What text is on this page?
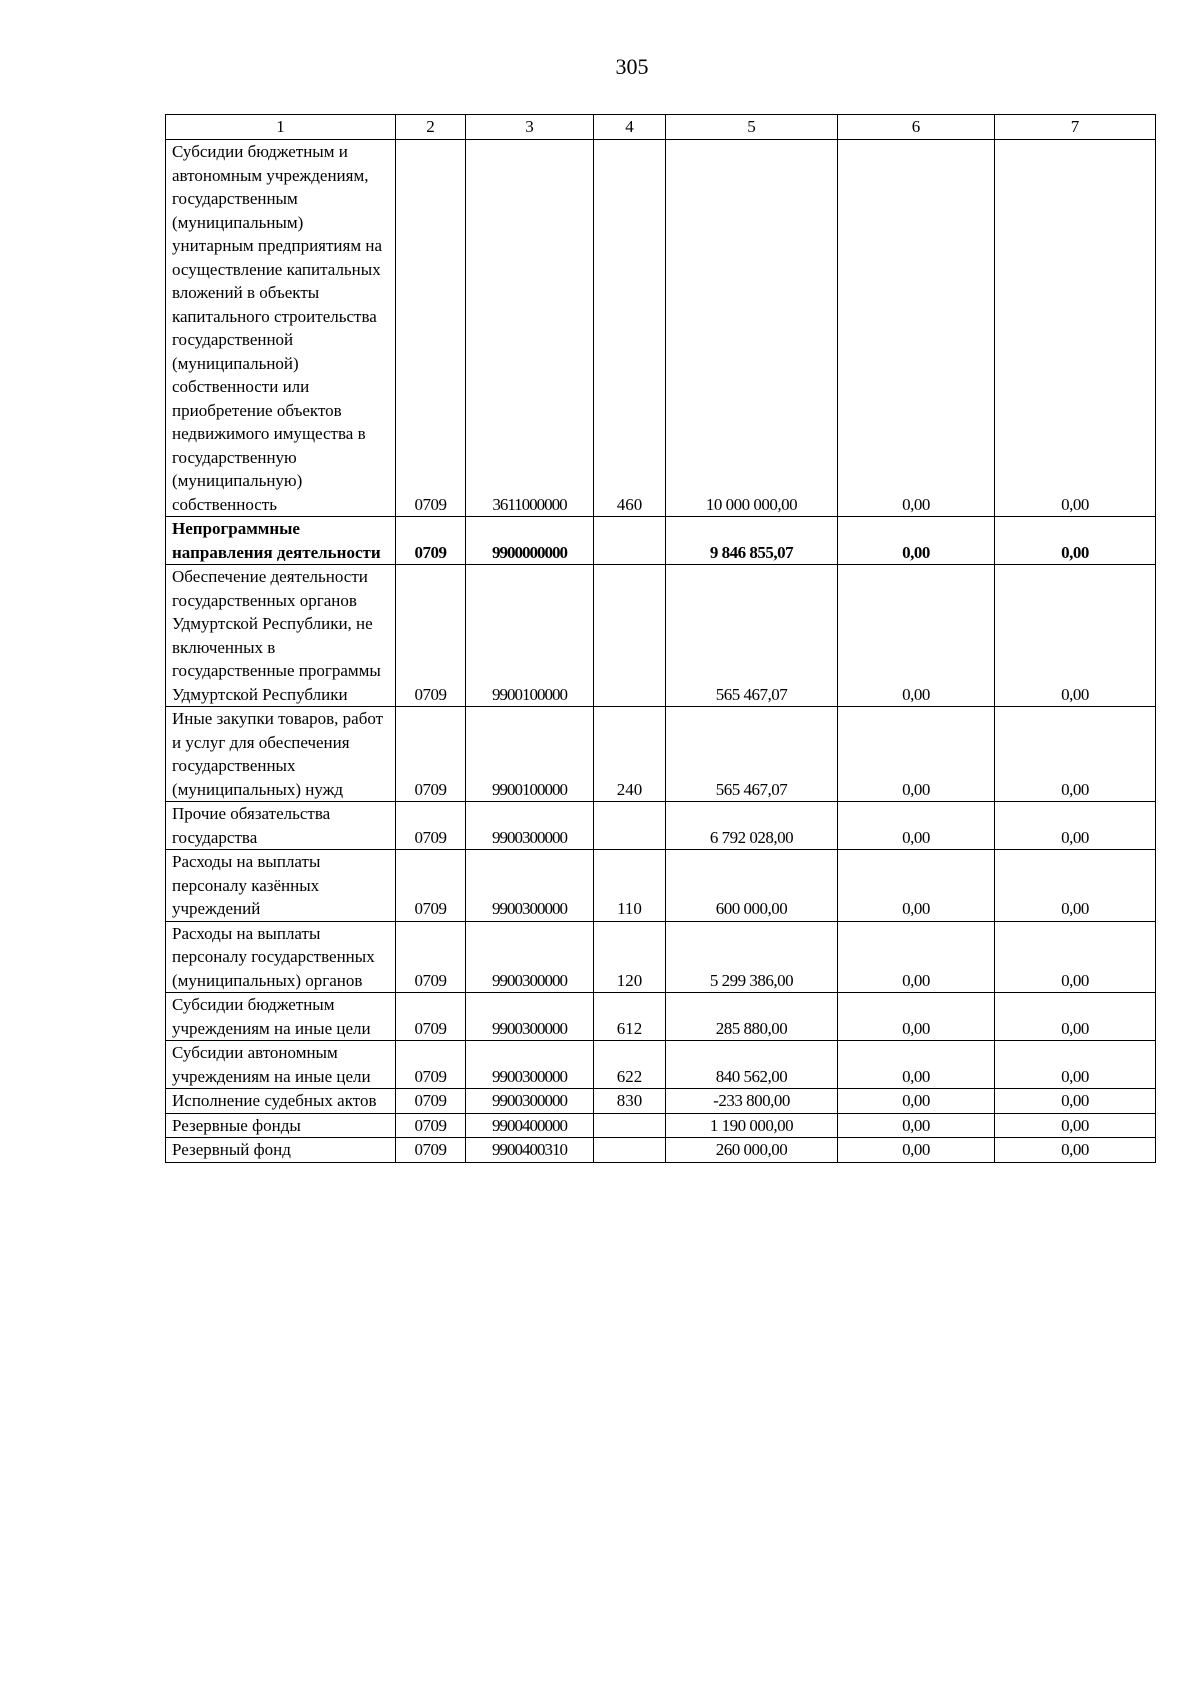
305
1	2	3	4	5	6	7
Субсидии бюджетным и автономным учреждениям, государственным (муниципальным) унитарным предприятиям на осуществление капитальных вложений в объекты капитального строительства государственной (муниципальной) собственности или приобретение объектов недвижимого имущества в государственную (муниципальную) собственность	0709	3611000000	460	10 000 000,00	0,00	0,00
Непрограммные направления деятельности	0709	9900000000		9 846 855,07	0,00	0,00
Обеспечение деятельности государственных органов Удмуртской Республики, не включенных в государственные программы Удмуртской Республики	0709	9900100000		565 467,07	0,00	0,00
Иные закупки товаров, работ и услуг для обеспечения государственных (муниципальных) нужд	0709	9900100000	240	565 467,07	0,00	0,00
Прочие обязательства государства	0709	9900300000		6 792 028,00	0,00	0,00
Расходы на выплаты персоналу казённых учреждений	0709	9900300000	110	600 000,00	0,00	0,00
Расходы на выплаты персоналу государственных (муниципальных) органов	0709	9900300000	120	5 299 386,00	0,00	0,00
Субсидии бюджетным учреждениям на иные цели	0709	9900300000	612	285 880,00	0,00	0,00
Субсидии автономным учреждениям на иные цели	0709	9900300000	622	840 562,00	0,00	0,00
Исполнение судебных актов	0709	9900300000	830	-233 800,00	0,00	0,00
Резервные фонды	0709	9900400000		1 190 000,00	0,00	0,00
Резервный фонд	0709	9900400310		260 000,00	0,00	0,00
